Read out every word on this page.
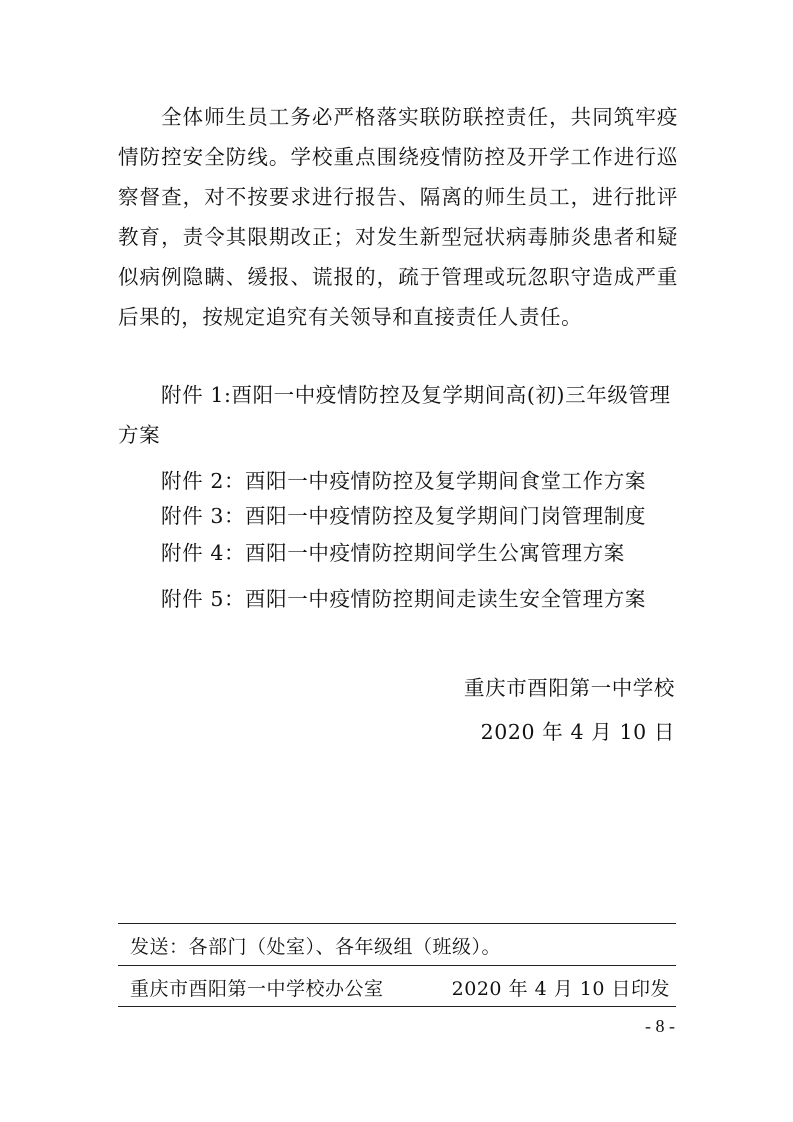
全体师生员工务必严格落实联防联控责任，共同筑牢疫情防控安全防线。学校重点围绕疫情防控及开学工作进行巡察督查，对不按要求进行报告、隔离的师生员工，进行批评教育，责令其限期改正；对发生新型冠状病毒肺炎患者和疑似病例隐瞒、缓报、谎报的，疏于管理或玩忽职守造成严重后果的，按规定追究有关领导和直接责任人责任。

附件 1:酉阳一中疫情防控及复学期间高(初)三年级管理方案

附件 2：酉阳一中疫情防控及复学期间食堂工作方案

附件 3：酉阳一中疫情防控及复学期间门岗管理制度

附件 4：酉阳一中疫情防控期间学生公寓管理方案

附件 5：酉阳一中疫情防控期间走读生安全管理方案

重庆市酉阳第一中学校
2020 年 4 月 10 日
发送：各部门（处室）、各年级组（班级）。
重庆市酉阳第一中学校办公室	2020 年 4 月 10 日印发
- 8 -
